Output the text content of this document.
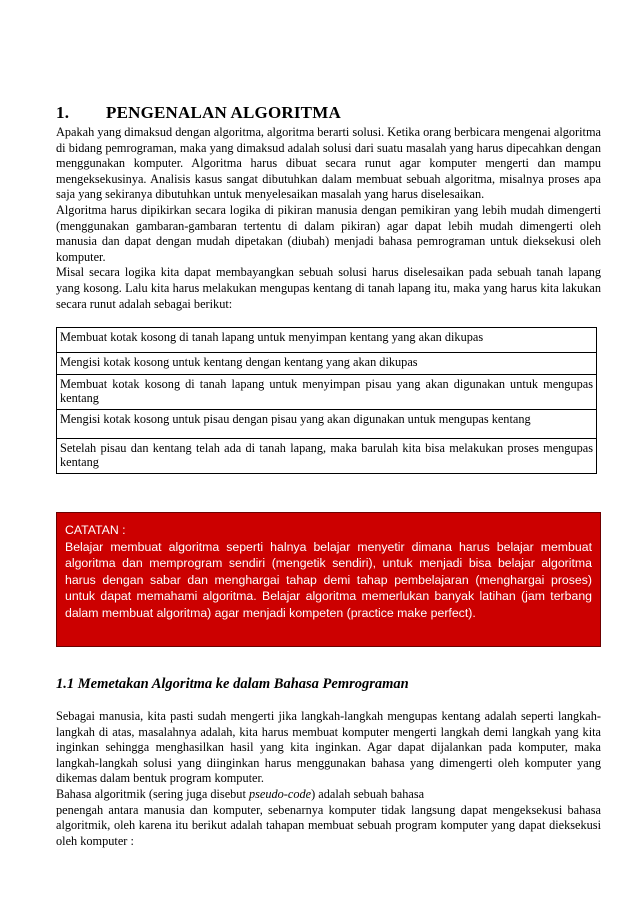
1. PENGENALAN ALGORITMA

Apakah yang dimaksud dengan algoritma, algoritma berarti solusi. Ketika orang berbicara mengenai algoritma di bidang pemrograman, maka yang dimaksud adalah solusi dari suatu masalah yang harus dipecahkan dengan menggunakan komputer. Algoritma harus dibuat secara runut agar komputer mengerti dan mampu mengeksekusinya. Analisis kasus sangat dibutuhkan dalam membuat sebuah algoritma, misalnya proses apa saja yang sekiranya dibutuhkan untuk menyelesaikan masalah yang harus diselesaikan.

Algoritma harus dipikirkan secara logika di pikiran manusia dengan pemikiran yang lebih mudah dimengerti (menggunakan gambaran-gambaran tertentu di dalam pikiran) agar dapat lebih mudah dimengerti oleh manusia dan dapat dengan mudah dipetakan (diubah) menjadi bahasa pemrograman untuk dieksekusi oleh komputer.

Misal secara logika kita dapat membayangkan sebuah solusi harus diselesaikan pada sebuah tanah lapang yang kosong. Lalu kita harus melakukan mengupas kentang di tanah lapang itu, maka yang harus kita lakukan secara runut adalah sebagai berikut:

Membuat kotak kosong di tanah lapang untuk menyimpan kentang yang akan dikupas
Mengisi kotak kosong untuk kentang dengan kentang yang akan dikupas
Membuat kotak kosong di tanah lapang untuk menyimpan pisau yang akan digunakan untuk mengupas kentang
Mengisi kotak kosong untuk pisau dengan pisau yang akan digunakan untuk mengupas kentang
Setelah pisau dan kentang telah ada di tanah lapang, maka barulah kita bisa melakukan proses mengupas kentang
CATATAN :
Belajar membuat algoritma seperti halnya belajar menyetir dimana harus belajar membuat algoritma dan memprogram sendiri (mengetik sendiri), untuk menjadi bisa belajar algoritma harus dengan sabar dan menghargai tahap demi tahap pembelajaran (menghargai proses) untuk dapat memahami algoritma. Belajar algoritma memerlukan banyak latihan (jam terbang dalam membuat algoritma) agar menjadi kompeten (practice make perfect).
1.1 Memetakan Algoritma ke dalam Bahasa Pemrograman

Sebagai manusia, kita pasti sudah mengerti jika langkah-langkah mengupas kentang adalah seperti langkah-langkah di atas, masalahnya adalah, kita harus membuat komputer mengerti langkah demi langkah yang kita inginkan sehingga menghasilkan hasil yang kita inginkan. Agar dapat dijalankan pada komputer, maka langkah-langkah solusi yang diinginkan harus menggunakan bahasa yang dimengerti oleh komputer yang dikemas dalam bentuk program komputer.

Bahasa algoritmik (sering juga disebut pseudo-code) adalah sebuah bahasa

penengah antara manusia dan komputer, sebenarnya komputer tidak langsung dapat mengeksekusi bahasa algoritmik, oleh karena itu berikut adalah tahapan membuat sebuah program komputer yang dapat dieksekusi oleh komputer :
